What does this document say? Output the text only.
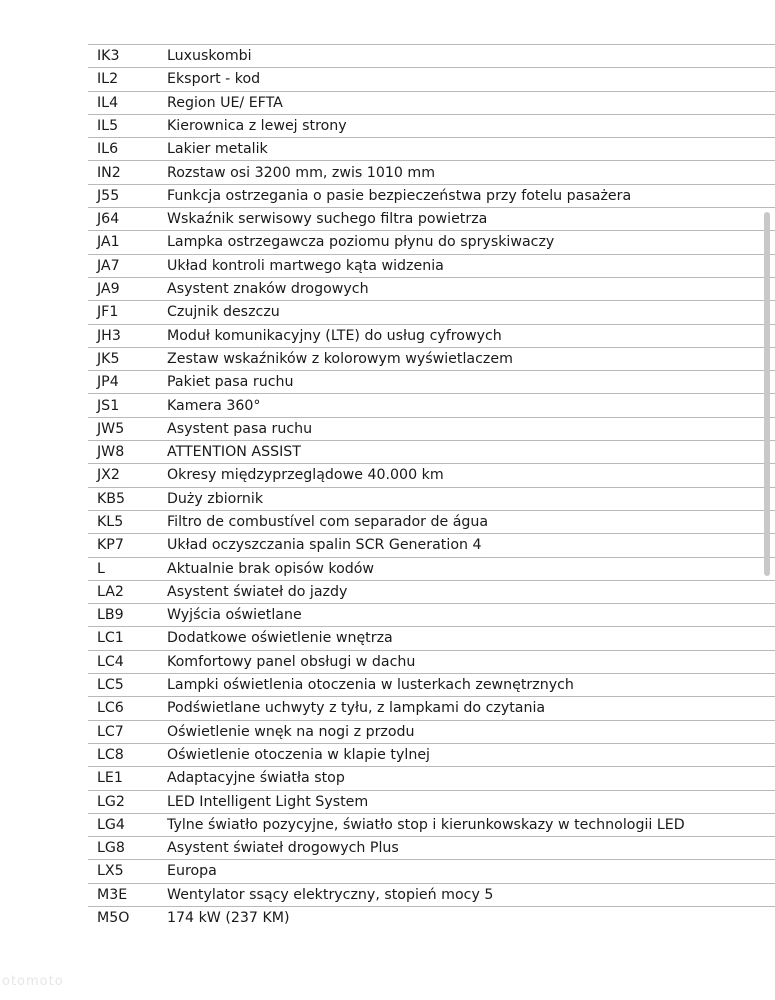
IK3	Luxuskombi
IL2	Eksport - kod
IL4	Region UE/ EFTA
IL5	Kierownica z lewej strony
IL6	Lakier metalik
IN2	Rozstaw osi 3200 mm, zwis 1010 mm
J55	Funkcja ostrzegania o pasie bezpieczeństwa przy fotelu pasażera
J64	Wskaźnik serwisowy suchego filtra powietrza
JA1	Lampka ostrzegawcza poziomu płynu do spryskiwaczy
JA7	Układ kontroli martwego kąta widzenia
JA9	Asystent znaków drogowych
JF1	Czujnik deszczu
JH3	Moduł komunikacyjny (LTE) do usług cyfrowych
JK5	Zestaw wskaźników z kolorowym wyświetlaczem
JP4	Pakiet pasa ruchu
JS1	Kamera 360°
JW5	Asystent pasa ruchu
JW8	ATTENTION ASSIST
JX2	Okresy międzyprzeglądowe 40.000 km
KB5	Duży zbiornik
KL5	Filtro de combustível com separador de água
KP7	Układ oczyszczania spalin SCR Generation 4
L	Aktualnie brak opisów kodów
LA2	Asystent świateł do jazdy
LB9	Wyjścia oświetlane
LC1	Dodatkowe oświetlenie wnętrza
LC4	Komfortowy panel obsługi w dachu
LC5	Lampki oświetlenia otoczenia w lusterkach zewnętrznych
LC6	Podświetlane uchwyty z tyłu, z lampkami do czytania
LC7	Oświetlenie wnęk na nogi z przodu
LC8	Oświetlenie otoczenia w klapie tylnej
LE1	Adaptacyjne światła stop
LG2	LED Intelligent Light System
LG4	Tylne światło pozycyjne, światło stop i kierunkowskazy w technologii LED
LG8	Asystent świateł drogowych Plus
LX5	Europa
M3E	Wentylator ssący elektryczny, stopień mocy 5
M5O	174 kW (237 KM)
otomoto
